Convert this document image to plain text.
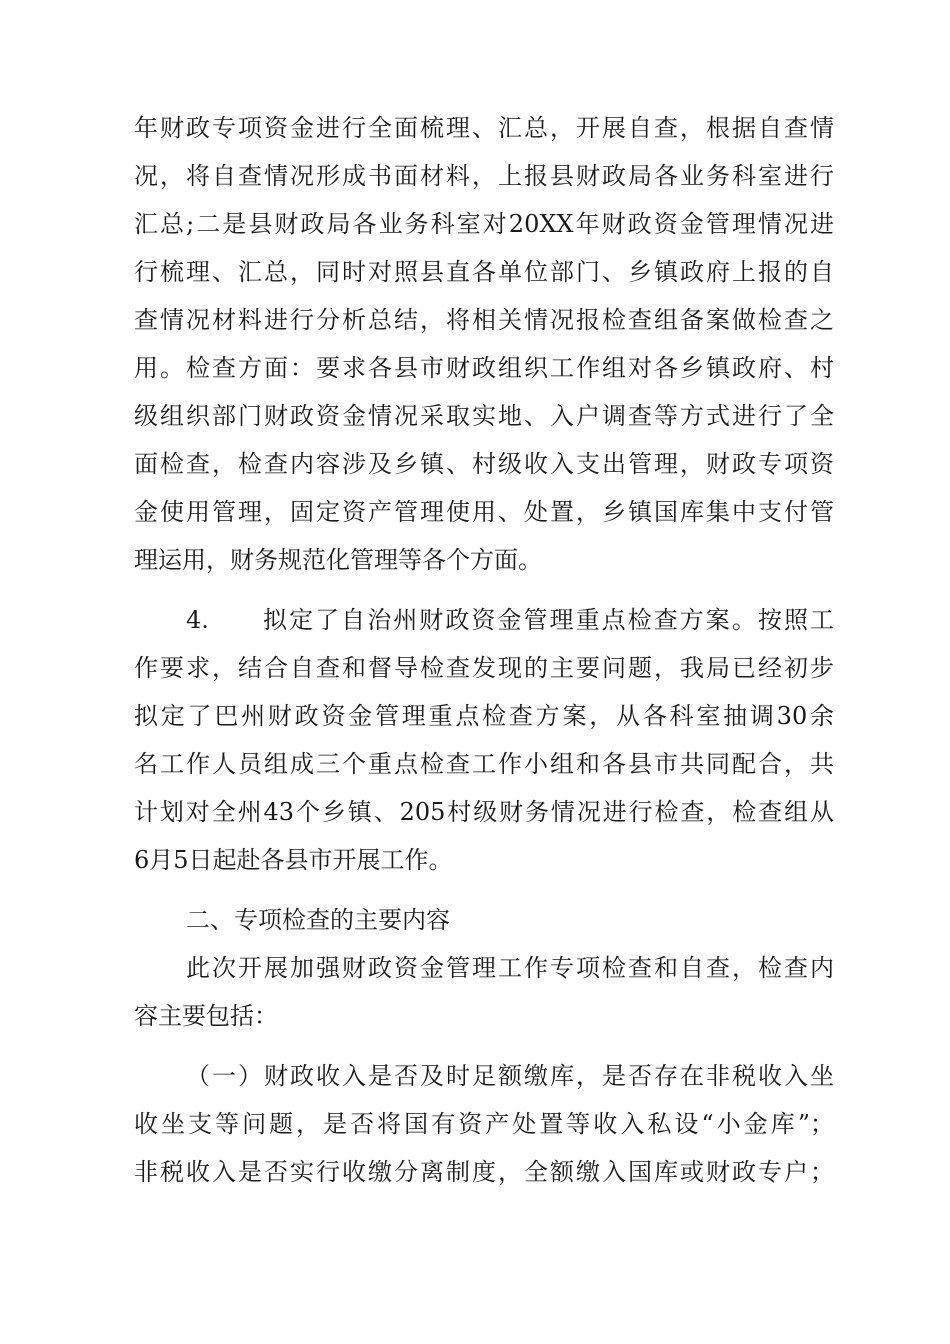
年财政专项资金进行全面梳理、汇总，开展自查，根据自查情
况，将自查情况形成书面材料，上报县财政局各业务科室进行
汇总;二是县财政局各业务科室对20XX年财政资金管理情况进
行梳理、汇总，同时对照县直各单位部门、乡镇政府上报的自
查情况材料进行分析总结，将相关情况报检查组备案做检查之
用。检查方面：要求各县市财政组织工作组对各乡镇政府、村
级组织部门财政资金情况采取实地、入户调查等方式进行了全
面检查，检查内容涉及乡镇、村级收入支出管理，财政专项资
金使用管理，固定资产管理使用、处置，乡镇国库集中支付管
理运用，财务规范化管理等各个方面。
4.　　拟定了自治州财政资金管理重点检查方案。按照工
作要求，结合自查和督导检查发现的主要问题，我局已经初步
拟定了巴州财政资金管理重点检查方案，从各科室抽调30余
名工作人员组成三个重点检查工作小组和各县市共同配合，共
计划对全州43个乡镇、205村级财务情况进行检查，检查组从
6月5日起赴各县市开展工作。
二、专项检查的主要内容
此次开展加强财政资金管理工作专项检查和自查，检查内
容主要包括：
（一）财政收入是否及时足额缴库，是否存在非税收入坐
收坐支等问题，是否将国有资产处置等收入私设“小金库”；
非税收入是否实行收缴分离制度，全额缴入国库或财政专户；
